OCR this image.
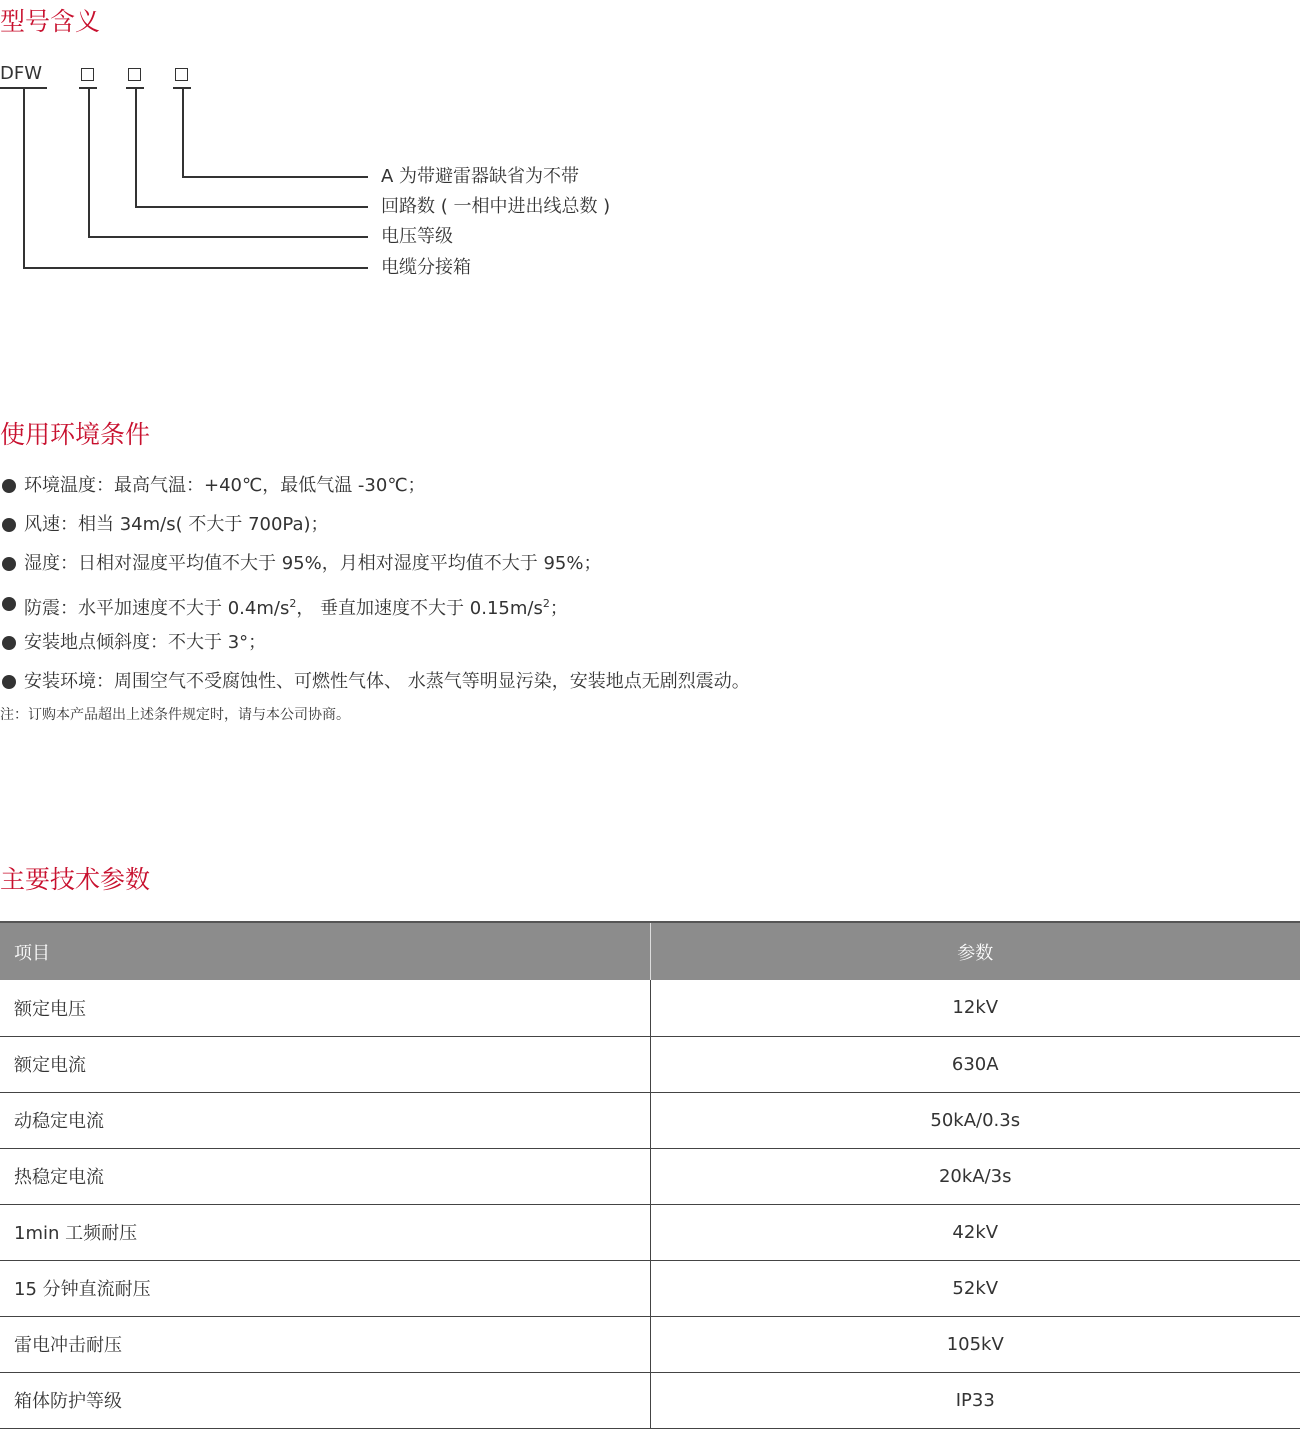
型号含义
DFW
A 为带避雷器缺省为不带
回路数 ( 一相中进出线总数 )
电压等级
电缆分接箱
使用环境条件
环境温度：最高气温：+40℃，最低气温 -30℃；
风速：相当 34m/s( 不大于 700Pa)；
湿度：日相对湿度平均值不大于 95%，月相对湿度平均值不大于 95%；
防震：水平加速度不大于 $0.4m/s^2$， 垂直加速度不大于 $0.15m/s^2$；
安装地点倾斜度：不大于 3°；
安装环境：周围空气不受腐蚀性、可燃性气体、 水蒸气等明显污染，安装地点无剧烈震动。
注：订购本产品超出上述条件规定时，请与本公司协商。
主要技术参数
项目	参数
额定电压	12kV
额定电流	630A
动稳定电流	50kA/0.3s
热稳定电流	20kA/3s
1min 工频耐压	42kV
15 分钟直流耐压	52kV
雷电冲击耐压	105kV
箱体防护等级	IP33
